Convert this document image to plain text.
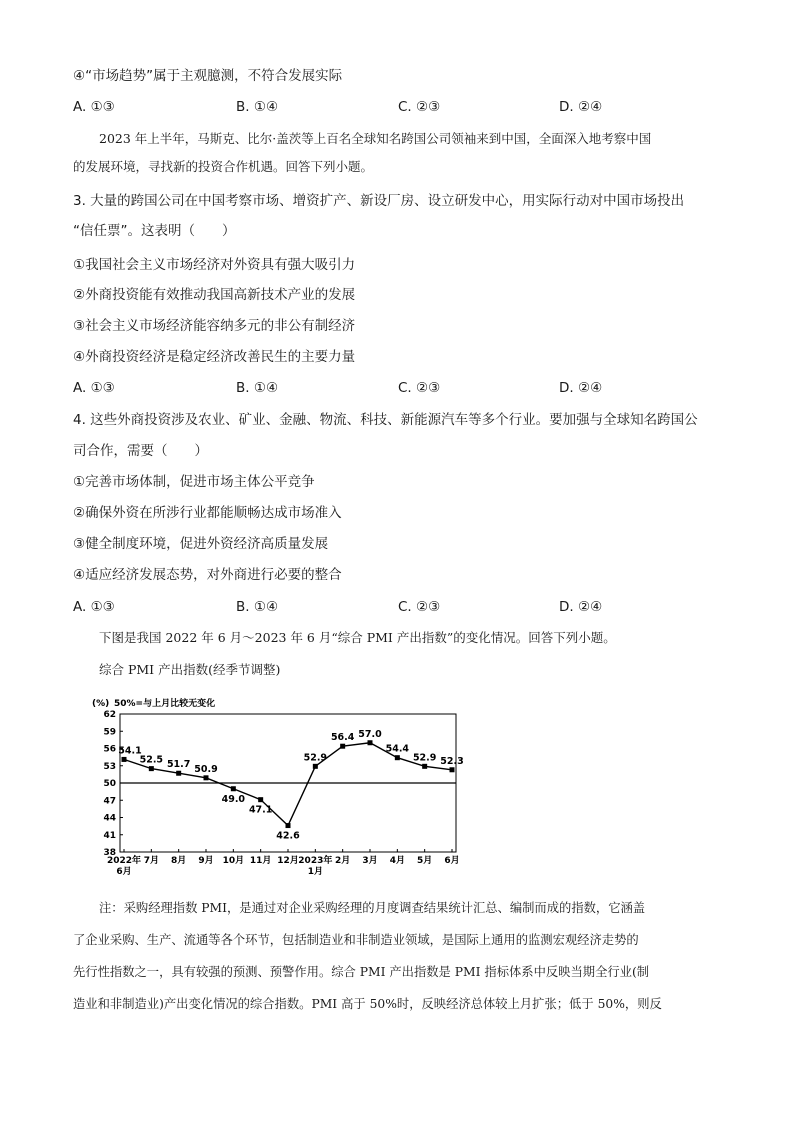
④“市场趋势”属于主观臆测，不符合发展实际
A. ①③	B. ①④	C. ②③	D. ②④
2023 年上半年，马斯克、比尔·盖茨等上百名全球知名跨国公司领袖来到中国，全面深入地考察中国
的发展环境，寻找新的投资合作机遇。回答下列小题。
3. 大量的跨国公司在中国考察市场、增资扩产、新设厂房、设立研发中心，用实际行动对中国市场投出
“信任票”。这表明（　　）
①我国社会主义市场经济对外资具有强大吸引力
②外商投资能有效推动我国高新技术产业的发展
③社会主义市场经济能容纳多元的非公有制经济
④外商投资经济是稳定经济改善民生的主要力量
A. ①③	B. ①④	C. ②③	D. ②④
4. 这些外商投资涉及农业、矿业、金融、物流、科技、新能源汽车等多个行业。要加强与全球知名跨国公
司合作，需要（　　）
①完善市场体制，促进市场主体公平竞争
②确保外资在所涉行业都能顺畅达成市场准入
③健全制度环境，促进外资经济高质量发展
④适应经济发展态势，对外商进行必要的整合
A. ①③	B. ①④	C. ②③	D. ②④
下图是我国 2022 年 6 月～2023 年 6 月“综合 PMI 产出指数”的变化情况。回答下列小题。
综合 PMI 产出指数(经季节调整)
(%) 50%=与上月比较无变化
62
59
56
53
50
47
44
41
38
2022年
6月
7月 8月 9月 10月 11月 12月 2023年
1月
2月 3月 4月 5月 6月
54.1
52.5 51.7 50.9
49.0
47.1
42.6
52.9
56.4 57.0
54.4
52.9 52.3
注：采购经理指数 PMI，是通过对企业采购经理的月度调查结果统计汇总、编制而成的指数，它涵盖
了企业采购、生产、流通等各个环节，包括制造业和非制造业领域，是国际上通用的监测宏观经济走势的
先行性指数之一，具有较强的预测、预警作用。综合 PMI 产出指数是 PMI 指标体系中反映当期全行业(制
造业和非制造业)产出变化情况的综合指数。PMI 高于 50%时，反映经济总体较上月扩张；低于 50%，则反
